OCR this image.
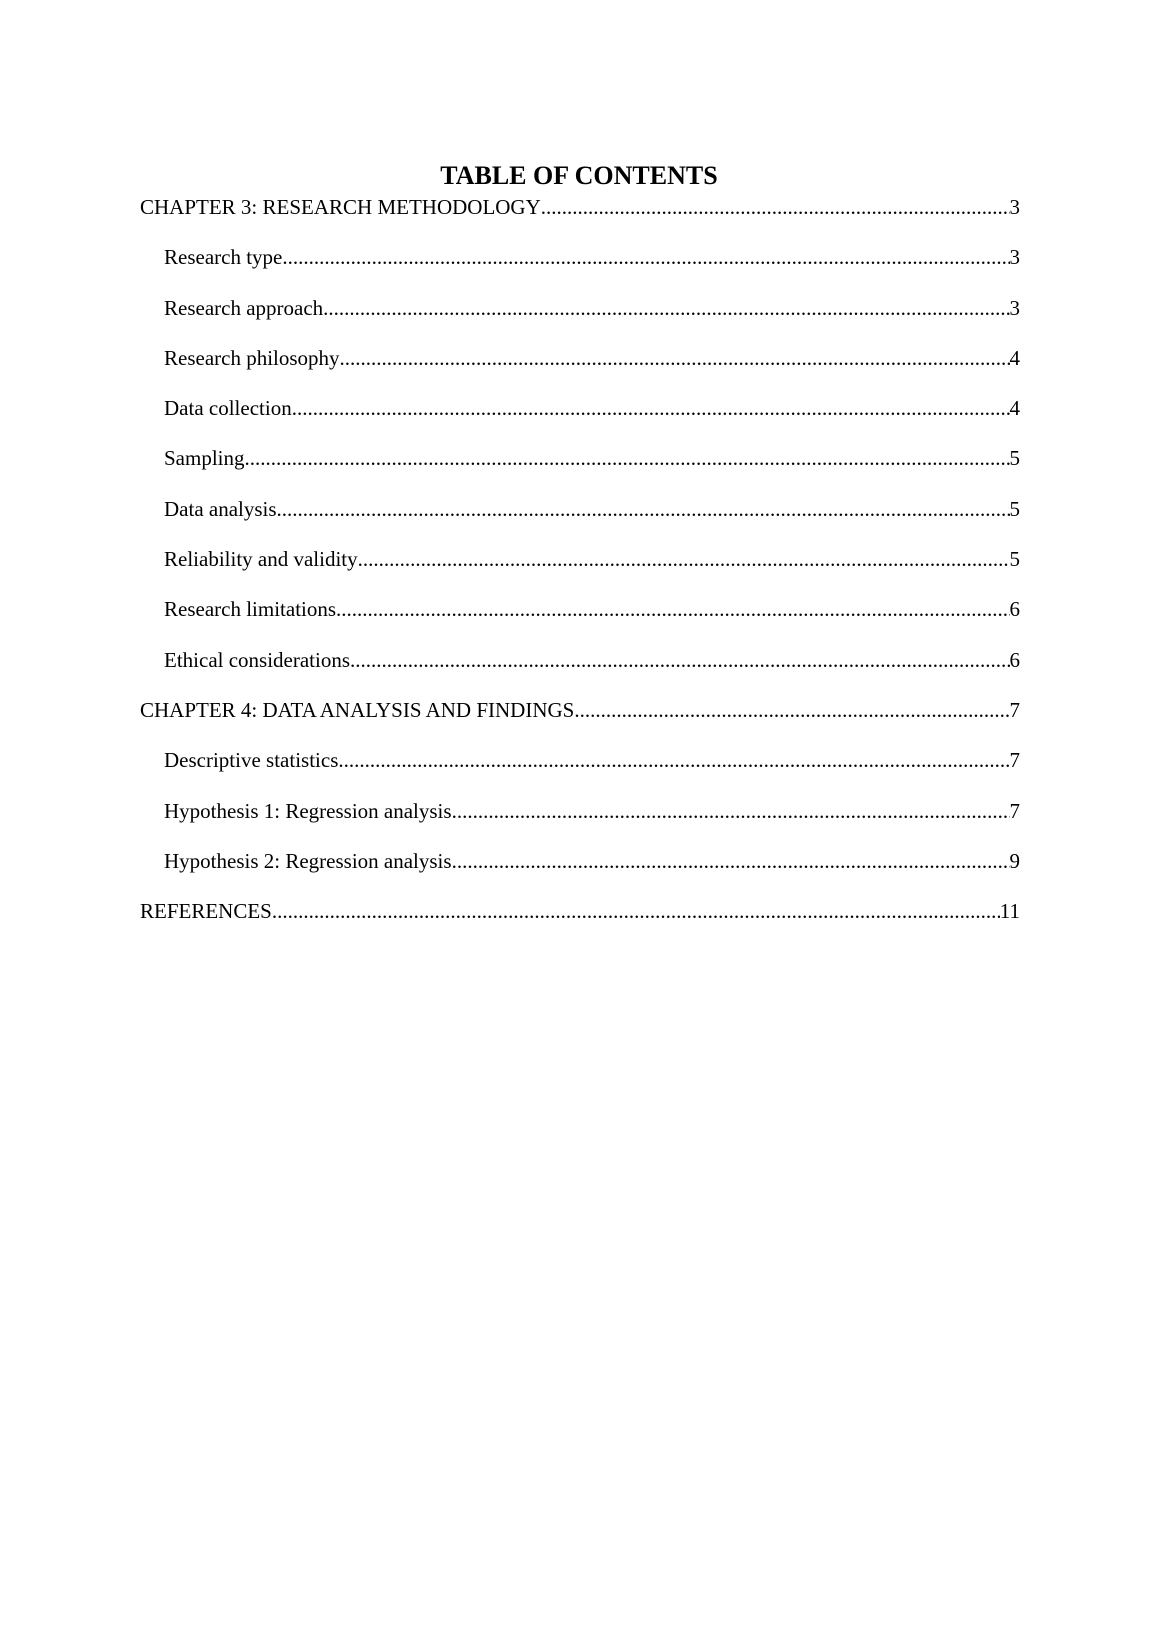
TABLE OF CONTENTS
CHAPTER 3: RESEARCH METHODOLOGY .....	3
Research type .....	3
Research approach .....	3
Research philosophy .....	4
Data collection .....	4
Sampling .....	5
Data analysis .....	5
Reliability and validity .....	5
Research limitations .....	6
Ethical considerations .....	6
CHAPTER 4: DATA ANALYSIS AND FINDINGS .....	7
Descriptive statistics .....	7
Hypothesis 1: Regression analysis .....	7
Hypothesis 2: Regression analysis .....	9
REFERENCES .....	11
